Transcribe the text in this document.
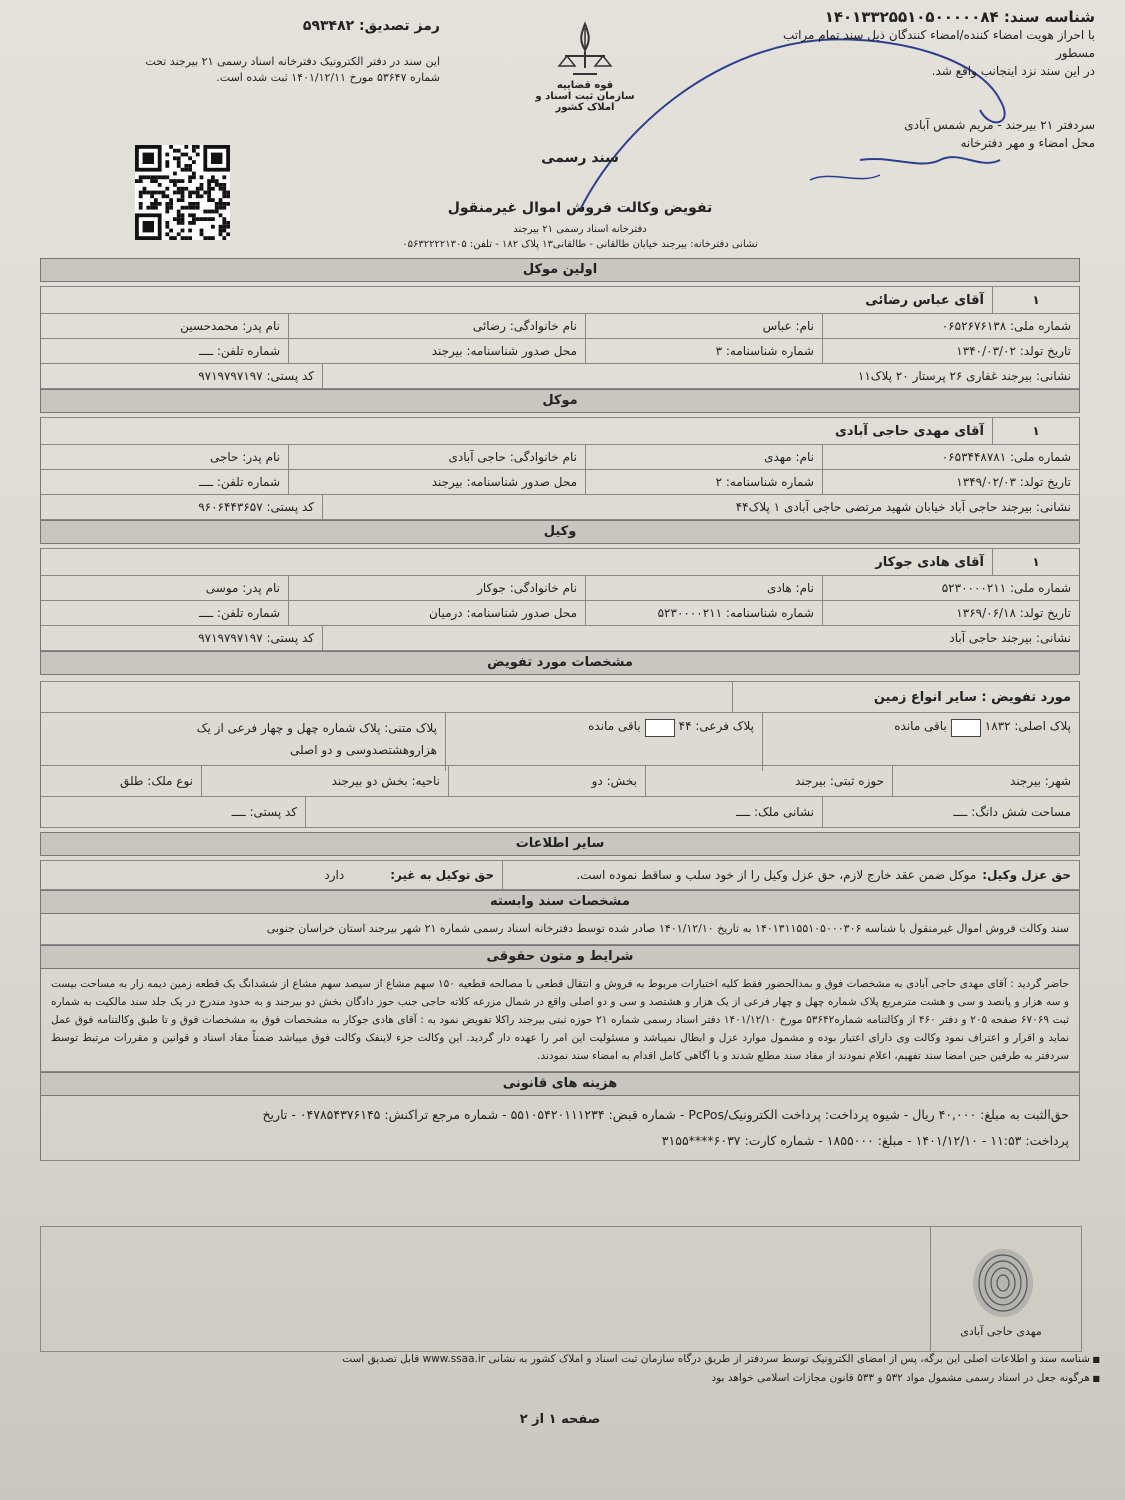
شناسه سند: ۱۴۰۱۳۳۲۵۵۱۰۵۰۰۰۰۰۸۴
با احراز هویت امضاء کننده/امضاء کنندگان ذیل سند تمام مراتب مسطور
در این سند نزد اینجانب واقع شد.
سردفتر ۲۱ بیرجند - مریم شمس آبادی
محل امضاء و مهر دفترخانه
رمز تصدیق: ۵۹۳۴۸۲
این سند در دفتر الکترونیک دفترخانه اسناد رسمی ۲۱ بیرجند تحت
شماره ۵۳۶۴۷ مورخ ۱۴۰۱/۱۲/۱۱ ثبت شده است.
قوه قضاییه
سازمان ثبت اسناد و املاک کشور
سند رسمی
تفویض وکالت فروش اموال غیرمنقول
دفترخانه اسناد رسمی ۲۱ بیرجند
نشانی دفترخانه: بیرجند خیابان طالقانی - طالقانی۱۳ پلاک ۱۸۲ - تلفن: ۰۵۶۳۲۲۲۲۱۳۰۵
اولین موکل
۱
آقای عباس رضائی
شماره ملی: ۰۶۵۲۶۷۶۱۳۸
نام: عباس
نام خانوادگی: رضائی
نام پدر: محمدحسین
تاریخ تولد: ۱۳۴۰/۰۳/۰۲
شماره شناسنامه: ۳
محل صدور شناسنامه: بیرجند
شماره تلفن: ــــ
نشانی: بیرجند غفاری ۲۶ پرستار ۲۰ پلاک۱۱
کد پستی: ۹۷۱۹۷۹۷۱۹۷
موکل
۱
آقای مهدی حاجی آبادی
شماره ملی: ۰۶۵۳۴۴۸۷۸۱
نام: مهدی
نام خانوادگی: حاجی آبادی
نام پدر: حاجی
تاریخ تولد: ۱۳۴۹/۰۲/۰۳
شماره شناسنامه: ۲
محل صدور شناسنامه: بیرجند
شماره تلفن: ــــ
نشانی: بیرجند حاجی آباد خیابان شهید مرتضی حاجی آبادی ۱ پلاک۴۴
کد پستی: ۹۶۰۶۴۴۳۶۵۷
وکیل
۱
آقای هادی جوکار
شماره ملی: ۵۲۳۰۰۰۰۲۱۱
نام: هادی
نام خانوادگی: جوکار
نام پدر: موسی
تاریخ تولد: ۱۳۶۹/۰۶/۱۸
شماره شناسنامه: ۵۲۳۰۰۰۰۲۱۱
محل صدور شناسنامه: درمیان
شماره تلفن: ــــ
نشانی: بیرجند حاجی آباد
کد پستی: ۹۷۱۹۷۹۷۱۹۷
مشخصات مورد تفویض
مورد تفویض : سایر انواع زمین
پلاک اصلی: ۱۸۳۲
باقی مانده
پلاک فرعی: ۴۴
باقی مانده
پلاک متنی: پلاک شماره چهل و چهار فرعی از یک
هزاروهشتصدوسی و دو اصلی
شهر: بیرجند
حوزه ثبتی: بیرجند
بخش: دو
ناحیه: بخش دو بیرجند
نوع ملک: طلق
مساحت شش دانگ: ــــ
نشانی ملک: ــــ
کد پستی: ــــ
سایر اطلاعات
حق عزل وکیل:
موکل ضمن عقد خارج لازم، حق عزل وکیل را از خود سلب و ساقط نموده است.
حق توکیل به غیر:
دارد
مشخصات سند وابسته
سند وکالت فروش اموال غیرمنقول با شناسه ۱۴۰۱۳۱۱۵۵۱۰۵۰۰۰۳۰۶ به تاریخ ۱۴۰۱/۱۲/۱۰ صادر شده توسط دفترخانه اسناد رسمی شماره ۲۱ شهر بیرجند استان خراسان جنوبی
شرایط و متون حقوقی
حاضر گردید : آقای مهدی حاجی آبادی به مشخصات فوق و بمدالحضور فقط کلیه اختیارات مربوط به فروش و انتقال قطعی با مصالحه قطعیه ۱۵۰ سهم مشاع از سیصد سهم مشاع از ششدانگ یک قطعه زمین دیمه زار به مساحت بیست و سه هزار و پانصد و سی و هشت مترمربع پلاک شماره چهل و چهار فرعی از یک هزار و هشتصد و سی و دو اصلی واقع در شمال مزرعه کلاته حاجی جنب حوز دادگان بخش دو بیرجند و به حدود مندرج در یک جلد سند مالکیت به شماره ثبت ۶۷۰۶۹ صفحه ۲۰۵ و دفتر ۴۶۰ از وکالتنامه شماره۵۳۶۴۲ مورخ ۱۴۰۱/۱۲/۱۰ دفتر اسناد رسمی شماره ۲۱ حوزه ثبتی بیرجند راکلا تفویض نمود به : آقای هادی جوکار به مشخصات فوق به مشخصات فوق و تا طبق وکالتنامه فوق عمل نماید و اقرار و اعتراف نمود وکالت وی دارای اعتبار بوده و مشمول موارد عزل و ابطال نمیباشد و مسئولیت این امر را عهده دار گردید. این وکالت جزء لاینفک وکالت فوق میباشد ضمناً مفاد اسناد و قوانین و مقررات مرتبط توسط سردفتر به طرفین حین امضا سند تفهیم، اعلام نمودند از مفاد سند مطلع شدند و با آگاهی کامل اقدام به امضاء سند نمودند.
هزینه های قانونی
حق‌الثبت به مبلغ: ۴۰,۰۰۰ ریال - شیوه پرداخت: پرداخت الکترونیک/PcPos - شماره قبض: ۵۵۱۰۵۴۲۰۱۱۱۲۳۴ - شماره مرجع تراکنش: ۰۴۷۸۵۴۳۷۶۱۴۵ - تاریخ
پرداخت: ۱۱:۵۳ - ۱۴۰۱/۱۲/۱۰ - مبلغ: ۱۸۵۵۰۰۰ - شماره کارت: ۶۰۳۷****۳۱۵۵
مهدی حاجی آبادی
■ شناسه سند و اطلاعات اصلی این برگه، پس از امضای الکترونیک توسط سردفتر از طریق درگاه سازمان ثبت اسناد و املاک کشور به نشانی www.ssaa.ir قابل تصدیق است
■ هرگونه جعل در اسناد رسمی مشمول مواد ۵۳۲ و ۵۳۳ قانون مجازات اسلامی خواهد بود
صفحه ۱ از ۲
